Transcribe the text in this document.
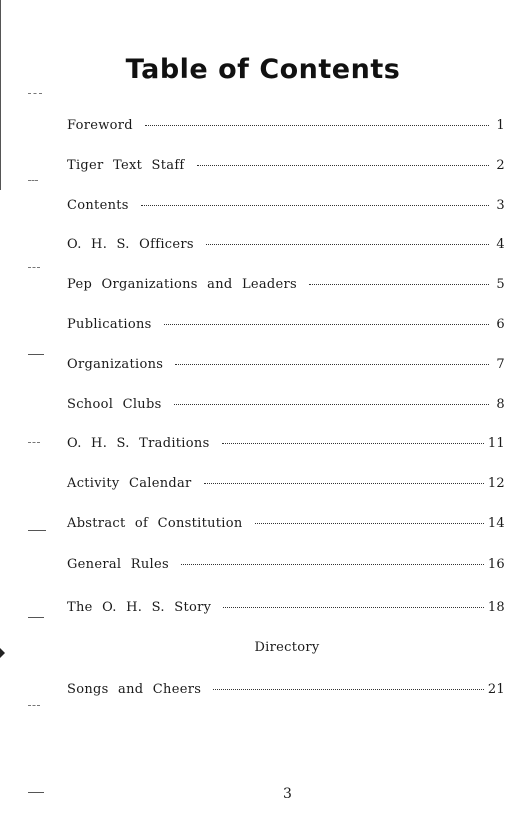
Table of Contents
Foreword	1
Tiger Text Staff	2
Contents	3
O. H. S. Officers	4
Pep Organizations and Leaders	5
Publications	6
Organizations	7
School Clubs	8
O. H. S. Traditions	11
Activity Calendar	12
Abstract of Constitution	14
General Rules	16
The O. H. S. Story	18
Directory
Songs and Cheers	21
3
